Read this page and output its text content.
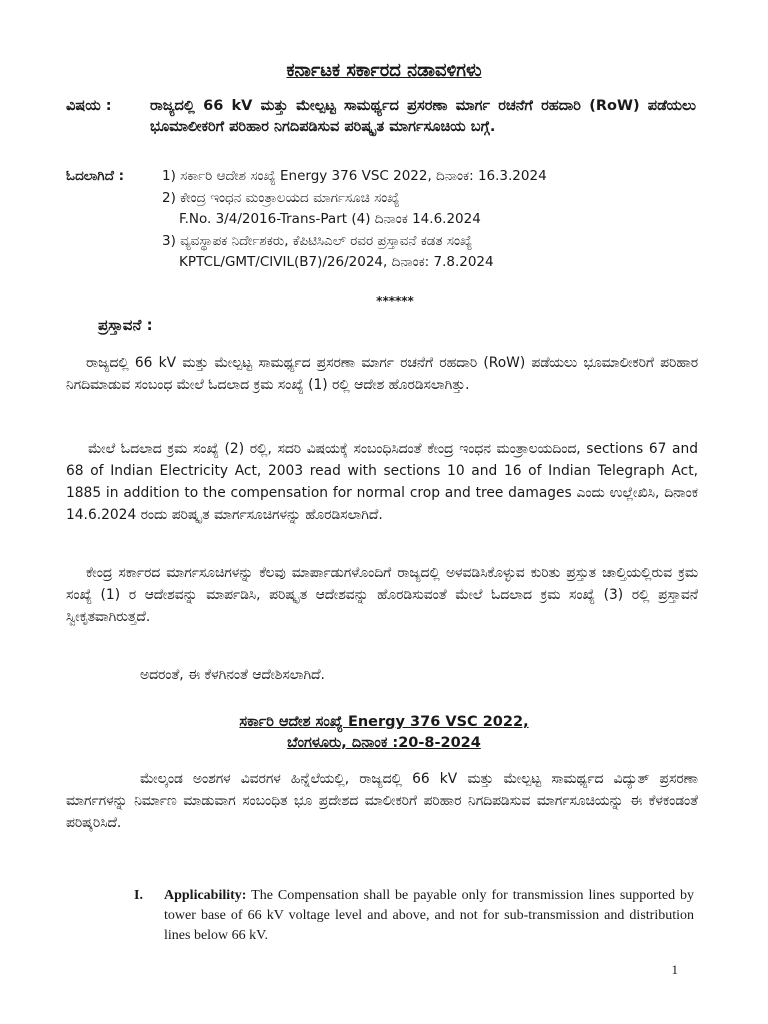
ಕರ್ನಾಟಕ ಸರ್ಕಾರದ ನಡಾವಳಿಗಳು
ವಿಷಯ :	ರಾಜ್ಯದಲ್ಲಿ 66 kV ಮತ್ತು ಮೇಲ್ಪಟ್ಟ ಸಾಮರ್ಥ್ಯದ ಪ್ರಸರಣಾ ಮಾರ್ಗ ರಚನೆಗೆ ರಹದಾರಿ (RoW) ಪಡೆಯಲು ಭೂಮಾಲೀಕರಿಗೆ ಪರಿಹಾರ ನಿಗದಿಪಡಿಸುವ ಪರಿಷ್ಕೃತ ಮಾರ್ಗಸೂಚಿಯ ಬಗ್ಗೆ.
ಓದಲಾಗಿದೆ :	1) ಸರ್ಕಾರಿ ಆದೇಶ ಸಂಖ್ಯೆ Energy 376 VSC 2022, ದಿನಾಂಕ: 16.3.2024
2) ಕೇಂದ್ರ ಇಂಧನ ಮಂತ್ರಾಲಯದ ಮಾರ್ಗಸೂಚಿ ಸಂಖ್ಯೆ
F.No. 3/4/2016-Trans-Part (4) ದಿನಾಂಕ 14.6.2024
3) ವ್ಯವಸ್ಥಾಪಕ ನಿರ್ದೇಶಕರು, ಕೆಪಿಟಿಸಿಎಲ್ ರವರ ಪ್ರಸ್ತಾವನೆ ಕಡತ ಸಂಖ್ಯೆ
KPTCL/GMT/CIVIL(B7)/26/2024, ದಿನಾಂಕ: 7.8.2024
******
ಪ್ರಸ್ತಾವನೆ :
ರಾಜ್ಯದಲ್ಲಿ 66 kV ಮತ್ತು ಮೇಲ್ಪಟ್ಟ ಸಾಮರ್ಥ್ಯದ ಪ್ರಸರಣಾ ಮಾರ್ಗ ರಚನೆಗೆ ರಹದಾರಿ (RoW) ಪಡೆಯಲು ಭೂಮಾಲೀಕರಿಗೆ ಪರಿಹಾರ ನಿಗದಿಮಾಡುವ ಸಂಬಂಧ ಮೇಲೆ ಓದಲಾದ ಕ್ರಮ ಸಂಖ್ಯೆ (1) ರಲ್ಲಿ ಆದೇಶ ಹೊರಡಿಸಲಾಗಿತ್ತು.
ಮೇಲೆ ಓದಲಾದ ಕ್ರಮ ಸಂಖ್ಯೆ (2) ರಲ್ಲಿ, ಸದರಿ ವಿಷಯಕ್ಕೆ ಸಂಬಂಧಿಸಿದಂತೆ ಕೇಂದ್ರ ಇಂಧನ ಮಂತ್ರಾಲಯದಿಂದ, sections 67 and 68 of Indian Electricity Act, 2003 read with sections 10 and 16 of Indian Telegraph Act, 1885 in addition to the compensation for normal crop and tree damages ಎಂದು ಉಲ್ಲೇಖಿಸಿ, ದಿನಾಂಕ 14.6.2024 ರಂದು ಪರಿಷ್ಕೃತ ಮಾರ್ಗಸೂಚಿಗಳನ್ನು ಹೊರಡಿಸಲಾಗಿದೆ.
ಕೇಂದ್ರ ಸರ್ಕಾರದ ಮಾರ್ಗಸೂಚಿಗಳನ್ನು ಕೆಲವು ಮಾರ್ಪಾಡುಗಳೊಂದಿಗೆ ರಾಜ್ಯದಲ್ಲಿ ಅಳವಡಿಸಿಕೊಳ್ಳುವ ಕುರಿತು ಪ್ರಸ್ತುತ ಚಾಲ್ತಿಯಲ್ಲಿರುವ ಕ್ರಮ ಸಂಖ್ಯೆ (1) ರ ಆದೇಶವನ್ನು ಮಾರ್ಪಡಿಸಿ, ಪರಿಷ್ಕೃತ ಆದೇಶವನ್ನು ಹೊರಡಿಸುವಂತೆ ಮೇಲೆ ಓದಲಾದ ಕ್ರಮ ಸಂಖ್ಯೆ (3) ರಲ್ಲಿ ಪ್ರಸ್ತಾವನೆ ಸ್ವೀಕೃತವಾಗಿರುತ್ತದೆ.
ಅದರಂತೆ, ಈ ಕೆಳಗಿನಂತೆ ಆದೇಶಿಸಲಾಗಿದೆ.
ಸರ್ಕಾರಿ ಆದೇಶ ಸಂಖ್ಯೆ Energy 376 VSC 2022,
ಬೆಂಗಳೂರು, ದಿನಾಂಕ :20-8-2024
ಮೇಲ್ಕಂಡ ಅಂಶಗಳ ವಿವರಗಳ ಹಿನ್ನೆಲೆಯಲ್ಲಿ, ರಾಜ್ಯದಲ್ಲಿ 66 kV ಮತ್ತು ಮೇಲ್ಪಟ್ಟ ಸಾಮರ್ಥ್ಯದ ವಿದ್ಯುತ್ ಪ್ರಸರಣಾ ಮಾರ್ಗಗಳನ್ನು ನಿರ್ಮಾಣ ಮಾಡುವಾಗ ಸಂಬಂಧಿತ ಭೂ ಪ್ರದೇಶದ ಮಾಲೀಕರಿಗೆ ಪರಿಹಾರ ನಿಗದಿಪಡಿಸುವ ಮಾರ್ಗಸೂಚಿಯನ್ನು ಈ ಕೆಳಕಂಡಂತೆ ಪರಿಷ್ಕರಿಸಿದೆ.
I. Applicability: The Compensation shall be payable only for transmission lines supported by tower base of 66 kV voltage level and above, and not for sub-transmission and distribution lines below 66 kV.
1
